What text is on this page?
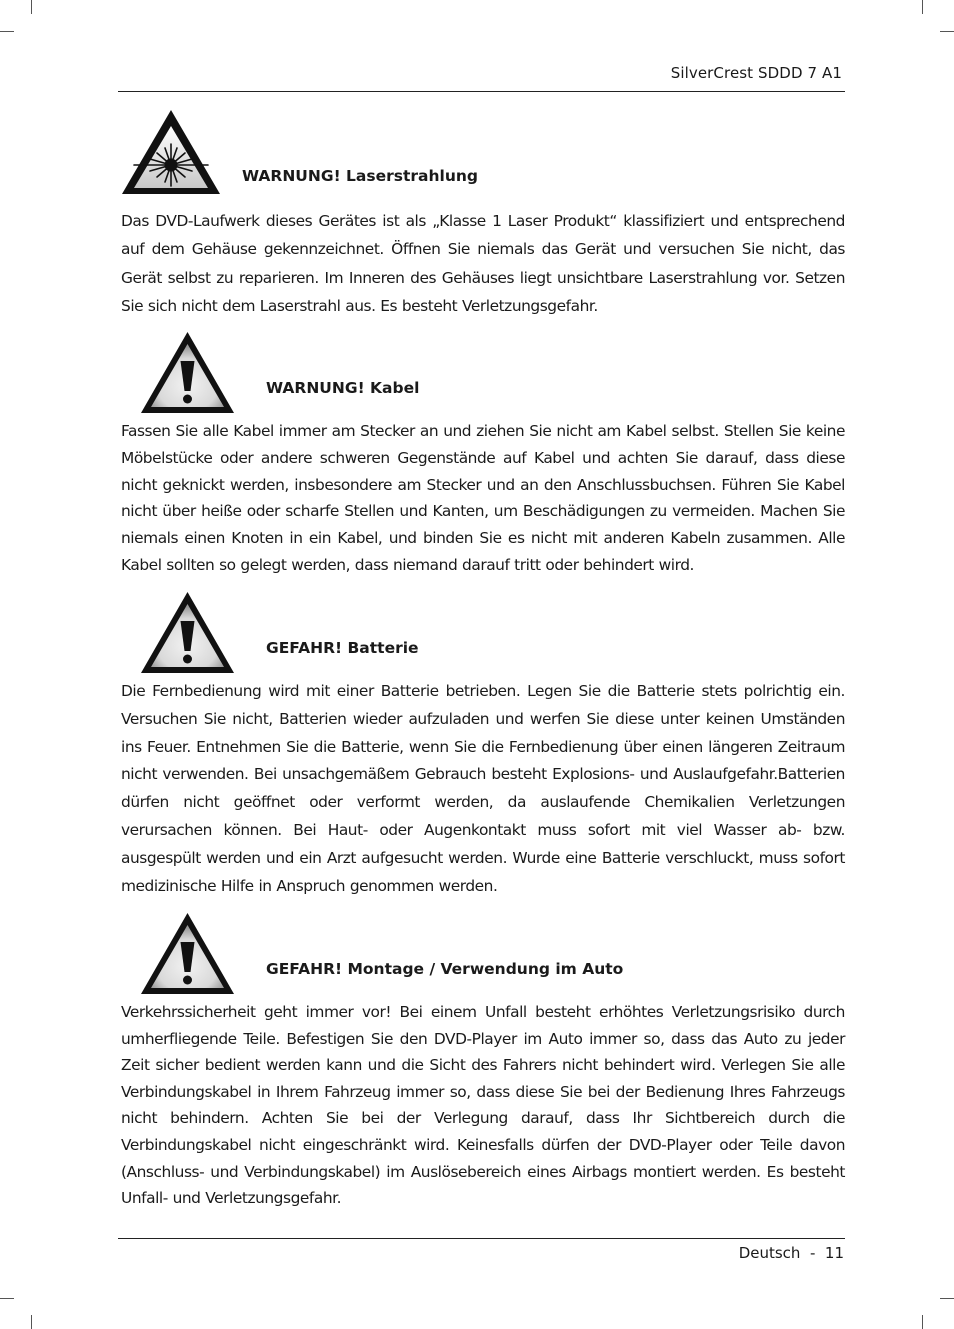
SilverCrest SDDD 7 A1
WARNUNG! Laserstrahlung
Das DVD-Laufwerk dieses Gerätes ist als „Klasse 1 Laser Produkt“ klassifiziert und entsprechend auf dem Gehäuse gekennzeichnet. Öffnen Sie niemals das Gerät und versuchen Sie nicht, das Gerät selbst zu reparieren. Im Inneren des Gehäuses liegt unsichtbare Laserstrahlung vor. Setzen Sie sich nicht dem Laserstrahl aus. Es besteht Verletzungsgefahr.
WARNUNG! Kabel
Fassen Sie alle Kabel immer am Stecker an und ziehen Sie nicht am Kabel selbst. Stellen Sie keine Möbelstücke oder andere schweren Gegenstände auf Kabel und achten Sie darauf, dass diese nicht geknickt werden, insbesondere am Stecker und an den Anschlussbuchsen. Führen Sie Kabel nicht über heiße oder scharfe Stellen und Kanten, um Beschädigungen zu vermeiden. Machen Sie niemals einen Knoten in ein Kabel, und binden Sie es nicht mit anderen Kabeln zusammen. Alle Kabel sollten so gelegt werden, dass niemand darauf tritt oder behindert wird.
GEFAHR! Batterie
Die Fernbedienung wird mit einer Batterie betrieben. Legen Sie die Batterie stets polrichtig ein. Versuchen Sie nicht, Batterien wieder aufzuladen und werfen Sie diese unter keinen Umständen ins Feuer. Entnehmen Sie die Batterie, wenn Sie die Fernbedienung über einen längeren Zeitraum nicht verwenden. Bei unsachgemäßem Gebrauch besteht Explosions- und Auslaufgefahr.Batterien dürfen nicht geöffnet oder verformt werden, da auslaufende Chemikalien Verletzungen verursachen können. Bei Haut- oder Augenkontakt muss sofort mit viel Wasser ab- bzw. ausgespült werden und ein Arzt aufgesucht werden. Wurde eine Batterie verschluckt, muss sofort medizinische Hilfe in Anspruch genommen werden.
GEFAHR! Montage / Verwendung im Auto
Verkehrssicherheit geht immer vor! Bei einem Unfall besteht erhöhtes Verletzungsrisiko durch umherfliegende Teile. Befestigen Sie den DVD-Player im Auto immer so, dass das Auto zu jeder Zeit sicher bedient werden kann und die Sicht des Fahrers nicht behindert wird. Verlegen Sie alle Verbindungskabel in Ihrem Fahrzeug immer so, dass diese Sie bei der Bedienung Ihres Fahrzeugs nicht behindern. Achten Sie bei der Verlegung darauf, dass Ihr Sichtbereich durch die Verbindungskabel nicht eingeschränkt wird. Keinesfalls dürfen der DVD-Player oder Teile davon (Anschluss- und Verbindungskabel) im Auslösebereich eines Airbags montiert werden. Es besteht Unfall- und Verletzungsgefahr.
Deutsch  -  11
